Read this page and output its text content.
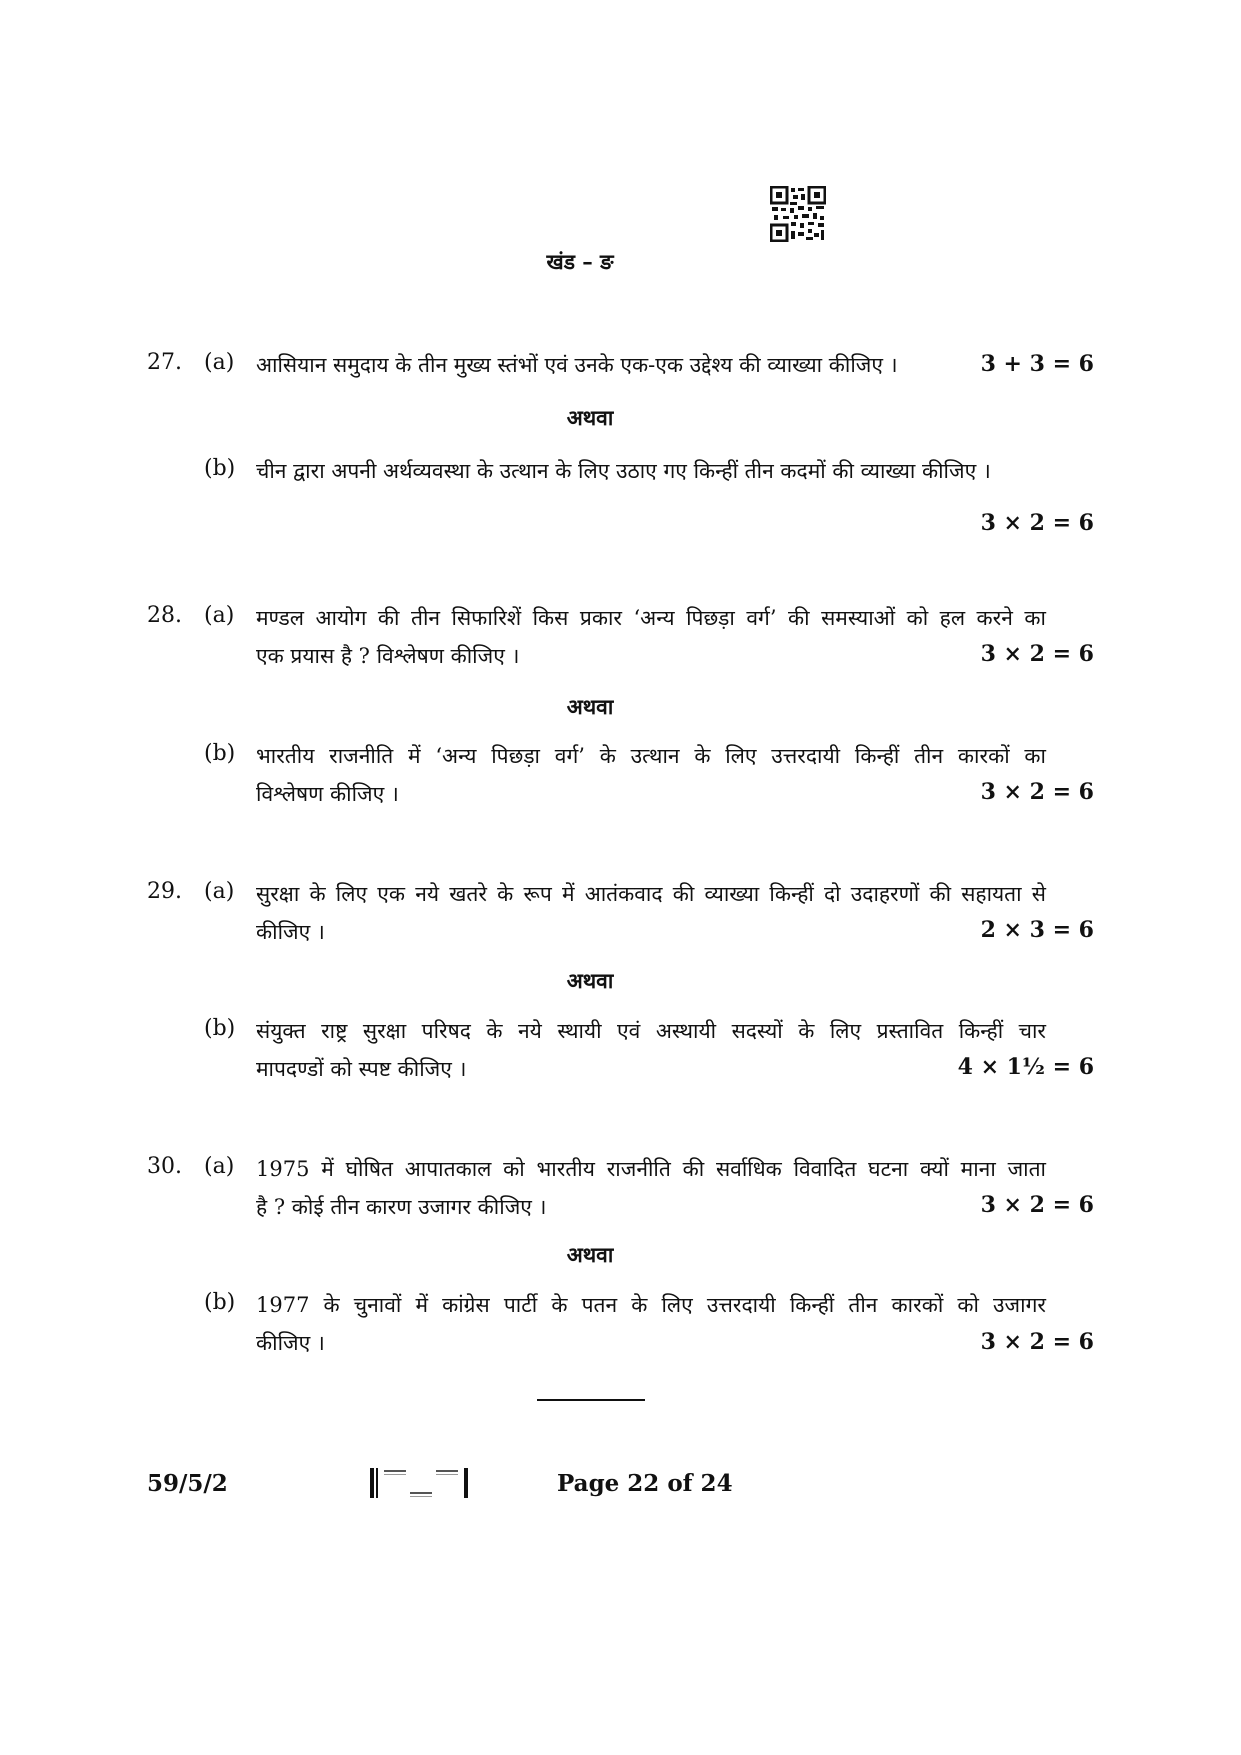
खंड – ङ
27. (a) आसियान समुदाय के तीन मुख्य स्तंभों एवं उनके एक-एक उद्देश्य की व्याख्या कीजिए ।	3 + 3 = 6
अथवा
(b) चीन द्वारा अपनी अर्थव्यवस्था के उत्थान के लिए उठाए गए किन्हीं तीन कदमों की व्याख्या कीजिए ।
3 × 2 = 6
28. (a) मण्डल आयोग की तीन सिफारिशें किस प्रकार ‘अन्य पिछड़ा वर्ग’ की समस्याओं को हल करने का
एक प्रयास है ? विश्लेषण कीजिए ।	3 × 2 = 6
अथवा
(b) भारतीय राजनीति में ‘अन्य पिछड़ा वर्ग’ के उत्थान के लिए उत्तरदायी किन्हीं तीन कारकों का
विश्लेषण कीजिए ।	3 × 2 = 6
29. (a) सुरक्षा के लिए एक नये खतरे के रूप में आतंकवाद की व्याख्या किन्हीं दो उदाहरणों की सहायता से
कीजिए ।	2 × 3 = 6
अथवा
(b) संयुक्त राष्ट्र सुरक्षा परिषद के नये स्थायी एवं अस्थायी सदस्यों के लिए प्रस्तावित किन्हीं चार
मापदण्डों को स्पष्ट कीजिए ।	4 × 1½ = 6
30. (a) 1975 में घोषित आपातकाल को भारतीय राजनीति की सर्वाधिक विवादित घटना क्यों माना जाता
है ? कोई तीन कारण उजागर कीजिए ।	3 × 2 = 6
अथवा
(b) 1977 के चुनावों में कांग्रेस पार्टी के पतन के लिए उत्तरदायी किन्हीं तीन कारकों को उजागर
कीजिए ।	3 × 2 = 6
59/5/2	Page 22 of 24
